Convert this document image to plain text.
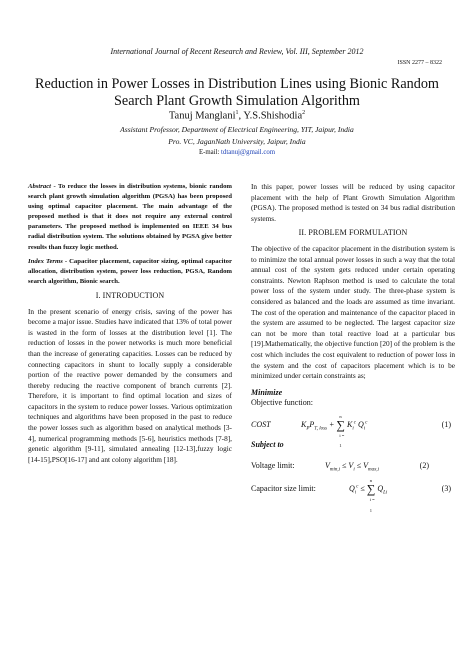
International Journal of Recent Research and Review, Vol. III, September 2012
ISSN 2277 – 8322
Reduction in Power Losses in Distribution Lines using Bionic Random Search Plant Growth Simulation Algorithm
Tanuj Manglani$^1$, Y.S.Shishodia$^2$
Assistant Professor, Department of Electrical Engineering, YIT, Jaipur, India
Pro. VC, JaganNath University, Jaipur, India
E-mail: tdtanuj@gmail.com
Abstract - To reduce the losses in distribution systems, bionic random search plant growth simulation algorithm (PGSA) has been proposed using optimal capacitor placement. The main advantage of the proposed method is that it does not require any external control parameters. The proposed method is implemented on IEEE 34 bus radial distribution system. The solutions obtained by PGSA give better results than fuzzy logic method.
Index Terms - Capacitor placement, capacitor sizing, optimal capacitor allocation, distribution system, power loss reduction, PGSA, Random search algorithm, Bionic search.
I. INTRODUCTION
In the present scenario of energy crisis, saving of the power has become a major issue. Studies have indicated that 13% of total power is wasted in the form of losses at the distribution level [1]. The reduction of losses in the power networks is much more beneficial than the increase of generating capacities. Losses can be reduced by connecting capacitors in shunt to locally supply a considerable portion of the reactive power demanded by the consumers and thereby reducing the reactive component of branch currents [2]. Therefore, it is important to find optimal location and sizes of capacitors in the system to reduce power losses. Various optimization techniques and algorithms have been proposed in the past to reduce the power losses such as algorithm based on analytical methods [3-4], numerical programming methods [5-6], heuristics methods [7-8], genetic algorithm [9-11], simulated annealing [12-13],fuzzy logic [14-15],PSO[16-17] and ant colony algorithm [18].
In this paper, power losses will be reduced by using capacitor placement with the help of Plant Growth Simulation Algorithm (PGSA). The proposed method is tested on 34 bus radial distribution systems.
II. PROBLEM FORMULATION
The objective of the capacitor placement in the distribution system is to minimize the total annual power losses in such a way that the total annual cost of the system gets reduced under certain operating constraints. Newton Raphson method is used to calculate the total power loss of the system under study. The three-phase system is considered as balanced and the loads are assumed as time invariant. The cost of the operation and maintenance of the capacitor placed in the system are assumed to be neglected. The largest capacitor size can not be more than total reactive load at a particular bus [19].Mathematically, the objective function [20] of the problem is the cost which includes the cost equivalent to reduction of power loss in the system and the cost of capacitors placement which is to be minimized under certain constraints as;
Minimize
Objective function:
COST	$K_PP_{T, loss}$ + ∑
n
i = 1
$K_i^c$ $Q_i^c$	(1)
Subject to
Voltage limit:	$V_{min,i} \le V_i \le V_{max,i}$
(2)
Capacitor size limit:	$Q_i^c$ ≤ ∑
n
i = 1
$Q_{Li}$
(3)
